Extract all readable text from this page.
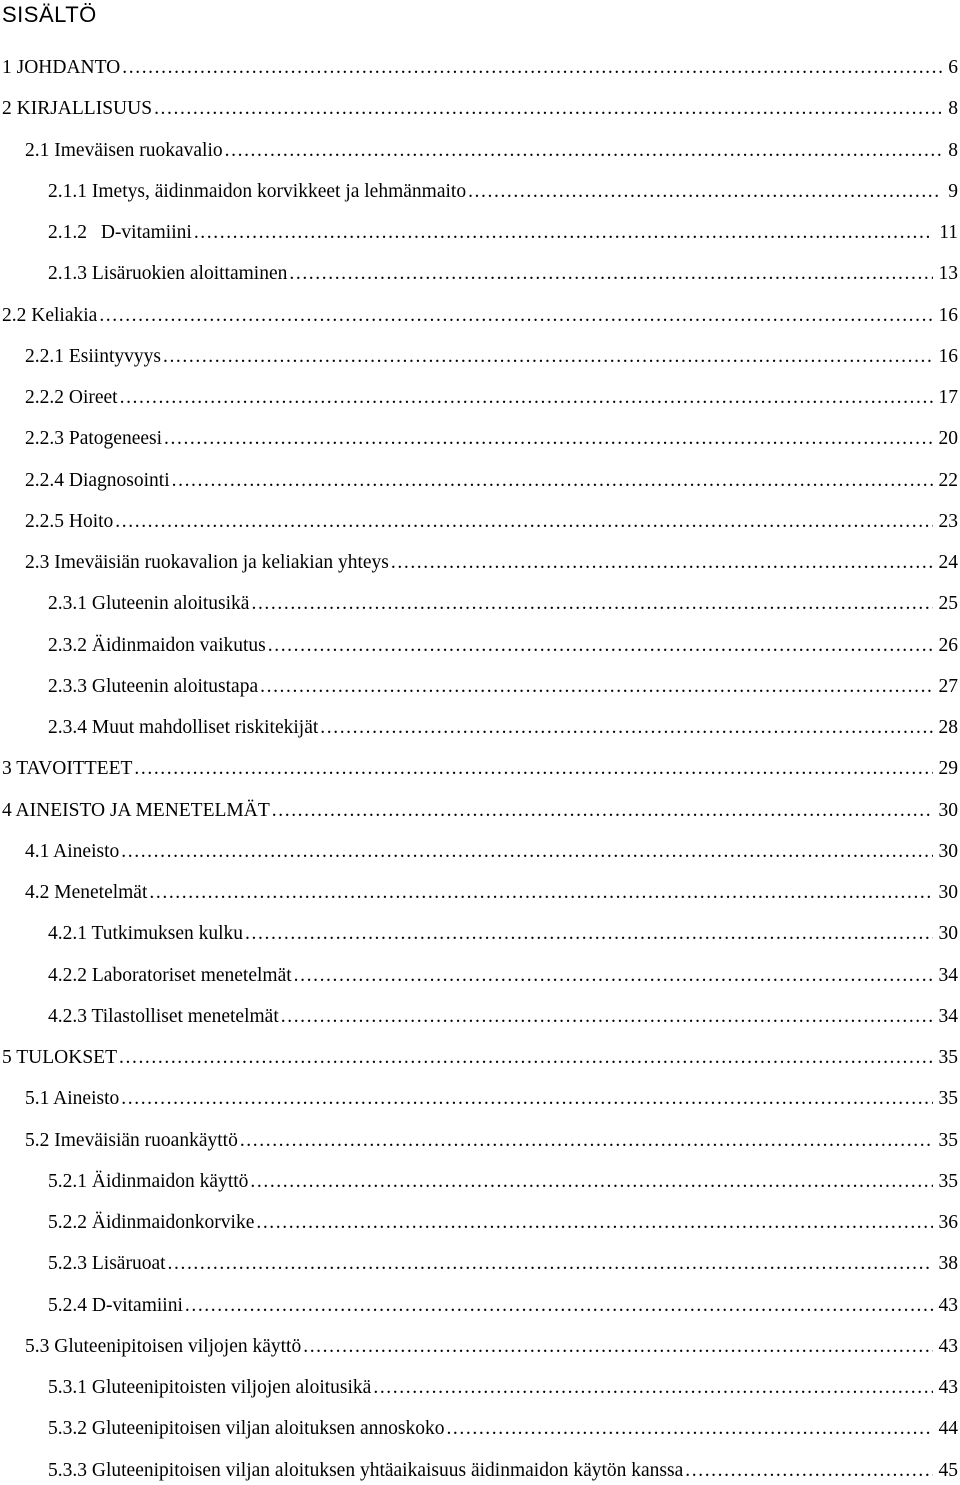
SISÄLTÖ
1 JOHDANTO .....	6
2 KIRJALLISUUS .....	8
2.1 Imeväisen ruokavalio .....	8
2.1.1 Imetys, äidinmaidon korvikkeet ja lehmänmaito .....	9
2.1.2 D-vitamiini .....	11
2.1.3 Lisäruokien aloittaminen .....	13
2.2 Keliakia .....	16
2.2.1 Esiintyvyys .....	16
2.2.2 Oireet .....	17
2.2.3 Patogeneesi .....	20
2.2.4 Diagnosointi .....	22
2.2.5 Hoito .....	23
2.3 Imeväisiän ruokavalion ja keliakian yhteys .....	24
2.3.1 Gluteenin aloitusikä .....	25
2.3.2 Äidinmaidon vaikutus .....	26
2.3.3 Gluteenin aloitustapa .....	27
2.3.4 Muut mahdolliset riskitekijät .....	28
3 TAVOITTEET .....	29
4 AINEISTO JA MENETELMÄT .....	30
4.1 Aineisto .....	30
4.2 Menetelmät .....	30
4.2.1 Tutkimuksen kulku .....	30
4.2.2 Laboratoriset menetelmät .....	34
4.2.3 Tilastolliset menetelmät .....	34
5 TULOKSET .....	35
5.1 Aineisto .....	35
5.2 Imeväisiän ruoankäyttö .....	35
5.2.1 Äidinmaidon käyttö .....	35
5.2.2 Äidinmaidonkorvike .....	36
5.2.3 Lisäruoat .....	38
5.2.4 D-vitamiini .....	43
5.3 Gluteenipitoisen viljojen käyttö .....	43
5.3.1 Gluteenipitoisten viljojen aloitusikä .....	43
5.3.2 Gluteenipitoisen viljan aloituksen annoskoko .....	44
5.3.3 Gluteenipitoisen viljan aloituksen yhtäaikaisuus äidinmaidon käytön kanssa .....	45
